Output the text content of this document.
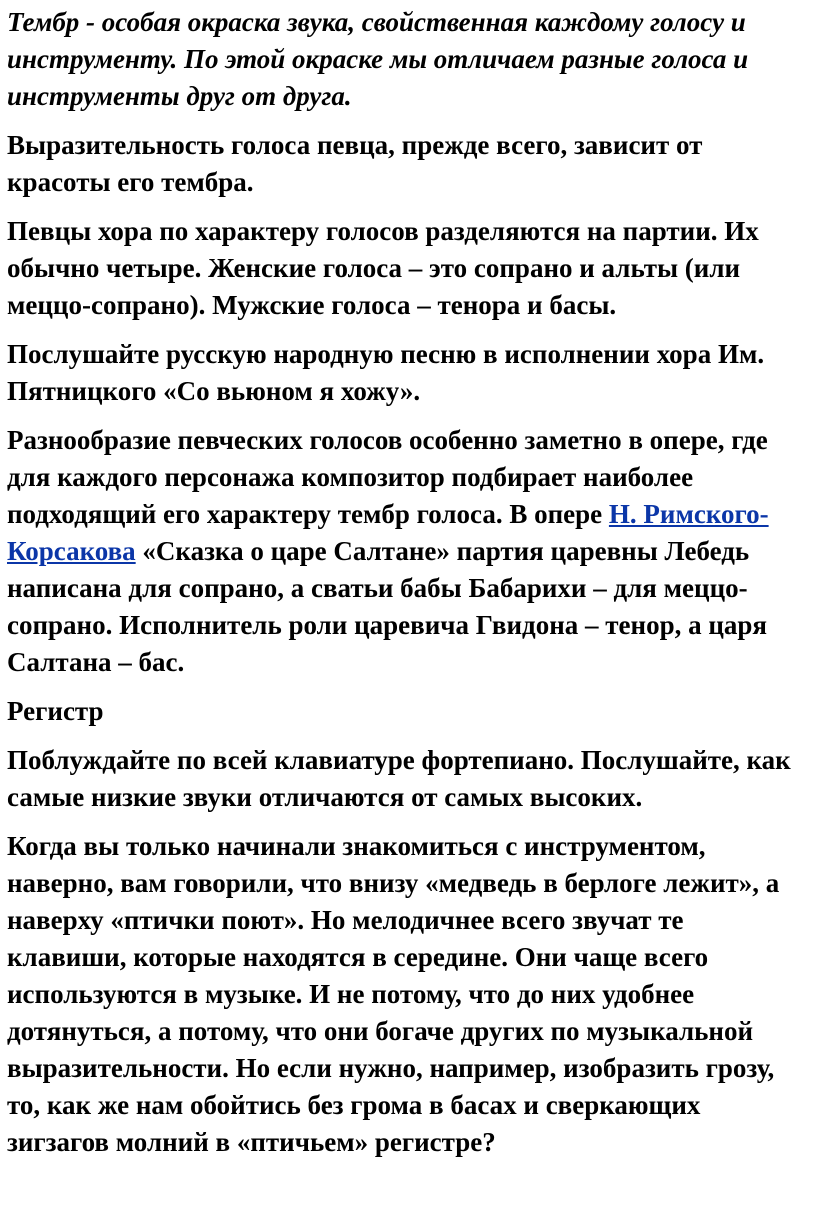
Тембр - особая окраска звука, свойственная каждому голосу и инструменту. По этой окраске мы отличаем разные голоса и инструменты друг от друга.

Выразительность голоса певца, прежде всего, зависит от красоты его тембра.

Певцы хора по характеру голосов разделяются на партии. Их обычно четыре. Женские голоса – это сопрано и альты (или меццо-сопрано). Мужские голоса – тенора и басы.

Послушайте русскую народную песню в исполнении хора Им. Пятницкого «Со вьюном я хожу».

Разнообразие певческих голосов особенно заметно в опере, где для каждого персонажа композитор подбирает наиболее подходящий его характеру тембр голоса. В опере Н. Римского-Корсакова «Сказка о царе Салтане» партия царевны Лебедь написана для сопрано, а сватьи бабы Бабарихи – для меццо-сопрано. Исполнитель роли царевича Гвидона – тенор, а царя Салтана – бас.

Регистр

Поблуждайте по всей клавиатуре фортепиано. Послушайте, как самые низкие звуки отличаются от самых высоких.

Когда вы только начинали знакомиться с инструментом, наверно, вам говорили, что внизу «медведь в берлоге лежит», а наверху «птички поют». Но мелодичнее всего звучат те клавиши, которые находятся в середине. Они чаще всего используются в музыке. И не потому, что до них удобнее дотянуться, а потому, что они богаче других по музыкальной выразительности. Но если нужно, например, изобразить грозу, то, как же нам обойтись без грома в басах и сверкающих зигзагов молний в «птичьем» регистре?
